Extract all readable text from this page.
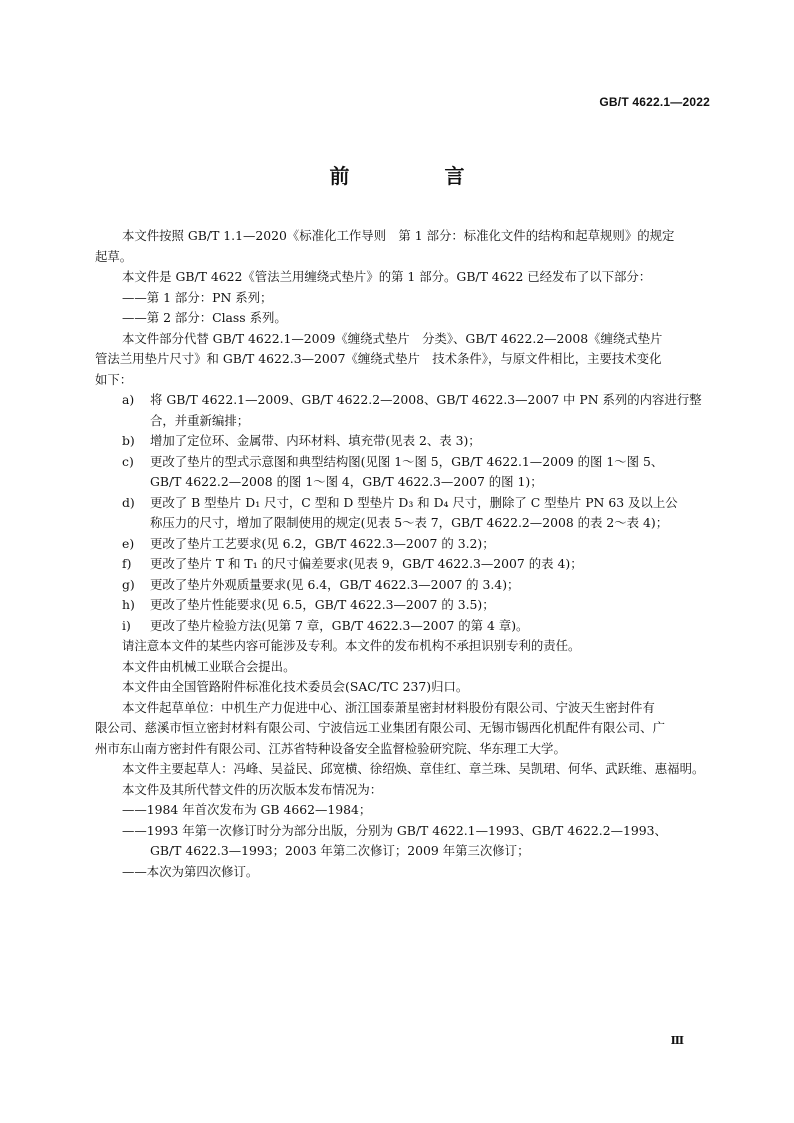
GB/T 4622.1—2022
前 言

本文件按照 GB/T 1.1—2020《标准化工作导则　第 1 部分：标准化文件的结构和起草规则》的规定

起草。

本文件是 GB/T 4622《管法兰用缠绕式垫片》的第 1 部分。GB/T 4622 已经发布了以下部分：

——第 1 部分：PN 系列；

——第 2 部分：Class 系列。

本文件部分代替 GB/T 4622.1—2009《缠绕式垫片　分类》、GB/T 4622.2—2008《缠绕式垫片

管法兰用垫片尺寸》和 GB/T 4622.3—2007《缠绕式垫片　技术条件》，与原文件相比，主要技术变化

如下：

a)	将 GB/T 4622.1—2009、GB/T 4622.2—2008、GB/T 4622.3—2007 中 PN 系列的内容进行整

合，并重新编排；

b)	增加了定位环、金属带、内环材料、填充带(见表 2、表 3)；
c)	更改了垫片的型式示意图和典型结构图(见图 1～图 5，GB/T 4622.1—2009 的图 1～图 5、

GB/T 4622.2—2008 的图 1～图 4，GB/T 4622.3—2007 的图 1)；

d)	更改了 B 型垫片 D₁ 尺寸，C 型和 D 型垫片 D₃ 和 D₄ 尺寸，删除了 C 型垫片 PN 63 及以上公

称压力的尺寸，增加了限制使用的规定(见表 5～表 7，GB/T 4622.2—2008 的表 2～表 4)；

e)	更改了垫片工艺要求(见 6.2，GB/T 4622.3—2007 的 3.2)；
f)	更改了垫片 T 和 T₁ 的尺寸偏差要求(见表 9，GB/T 4622.3—2007 的表 4)；
g)	更改了垫片外观质量要求(见 6.4，GB/T 4622.3—2007 的 3.4)；
h)	更改了垫片性能要求(见 6.5，GB/T 4622.3—2007 的 3.5)；
i)	更改了垫片检验方法(见第 7 章，GB/T 4622.3—2007 的第 4 章)。

请注意本文件的某些内容可能涉及专利。本文件的发布机构不承担识别专利的责任。

本文件由机械工业联合会提出。

本文件由全国管路附件标准化技术委员会(SAC/TC 237)归口。

本文件起草单位：中机生产力促进中心、浙江国泰萧星密封材料股份有限公司、宁波天生密封件有

限公司、慈溪市恒立密封材料有限公司、宁波信远工业集团有限公司、无锡市锡西化机配件有限公司、广

州市东山南方密封件有限公司、江苏省特种设备安全监督检验研究院、华东理工大学。

本文件主要起草人：冯峰、吴益民、邱宽横、徐绍焕、章佳红、章兰珠、吴凯珺、何华、武跃维、惠福明。

本文件及其所代替文件的历次版本发布情况为：

——1984 年首次发布为 GB 4662—1984；

——1993 年第一次修订时分为部分出版，分别为 GB/T 4622.1—1993、GB/T 4622.2—1993、

GB/T 4622.3—1993；2003 年第二次修订；2009 年第三次修订；

——本次为第四次修订。

Ⅲ
